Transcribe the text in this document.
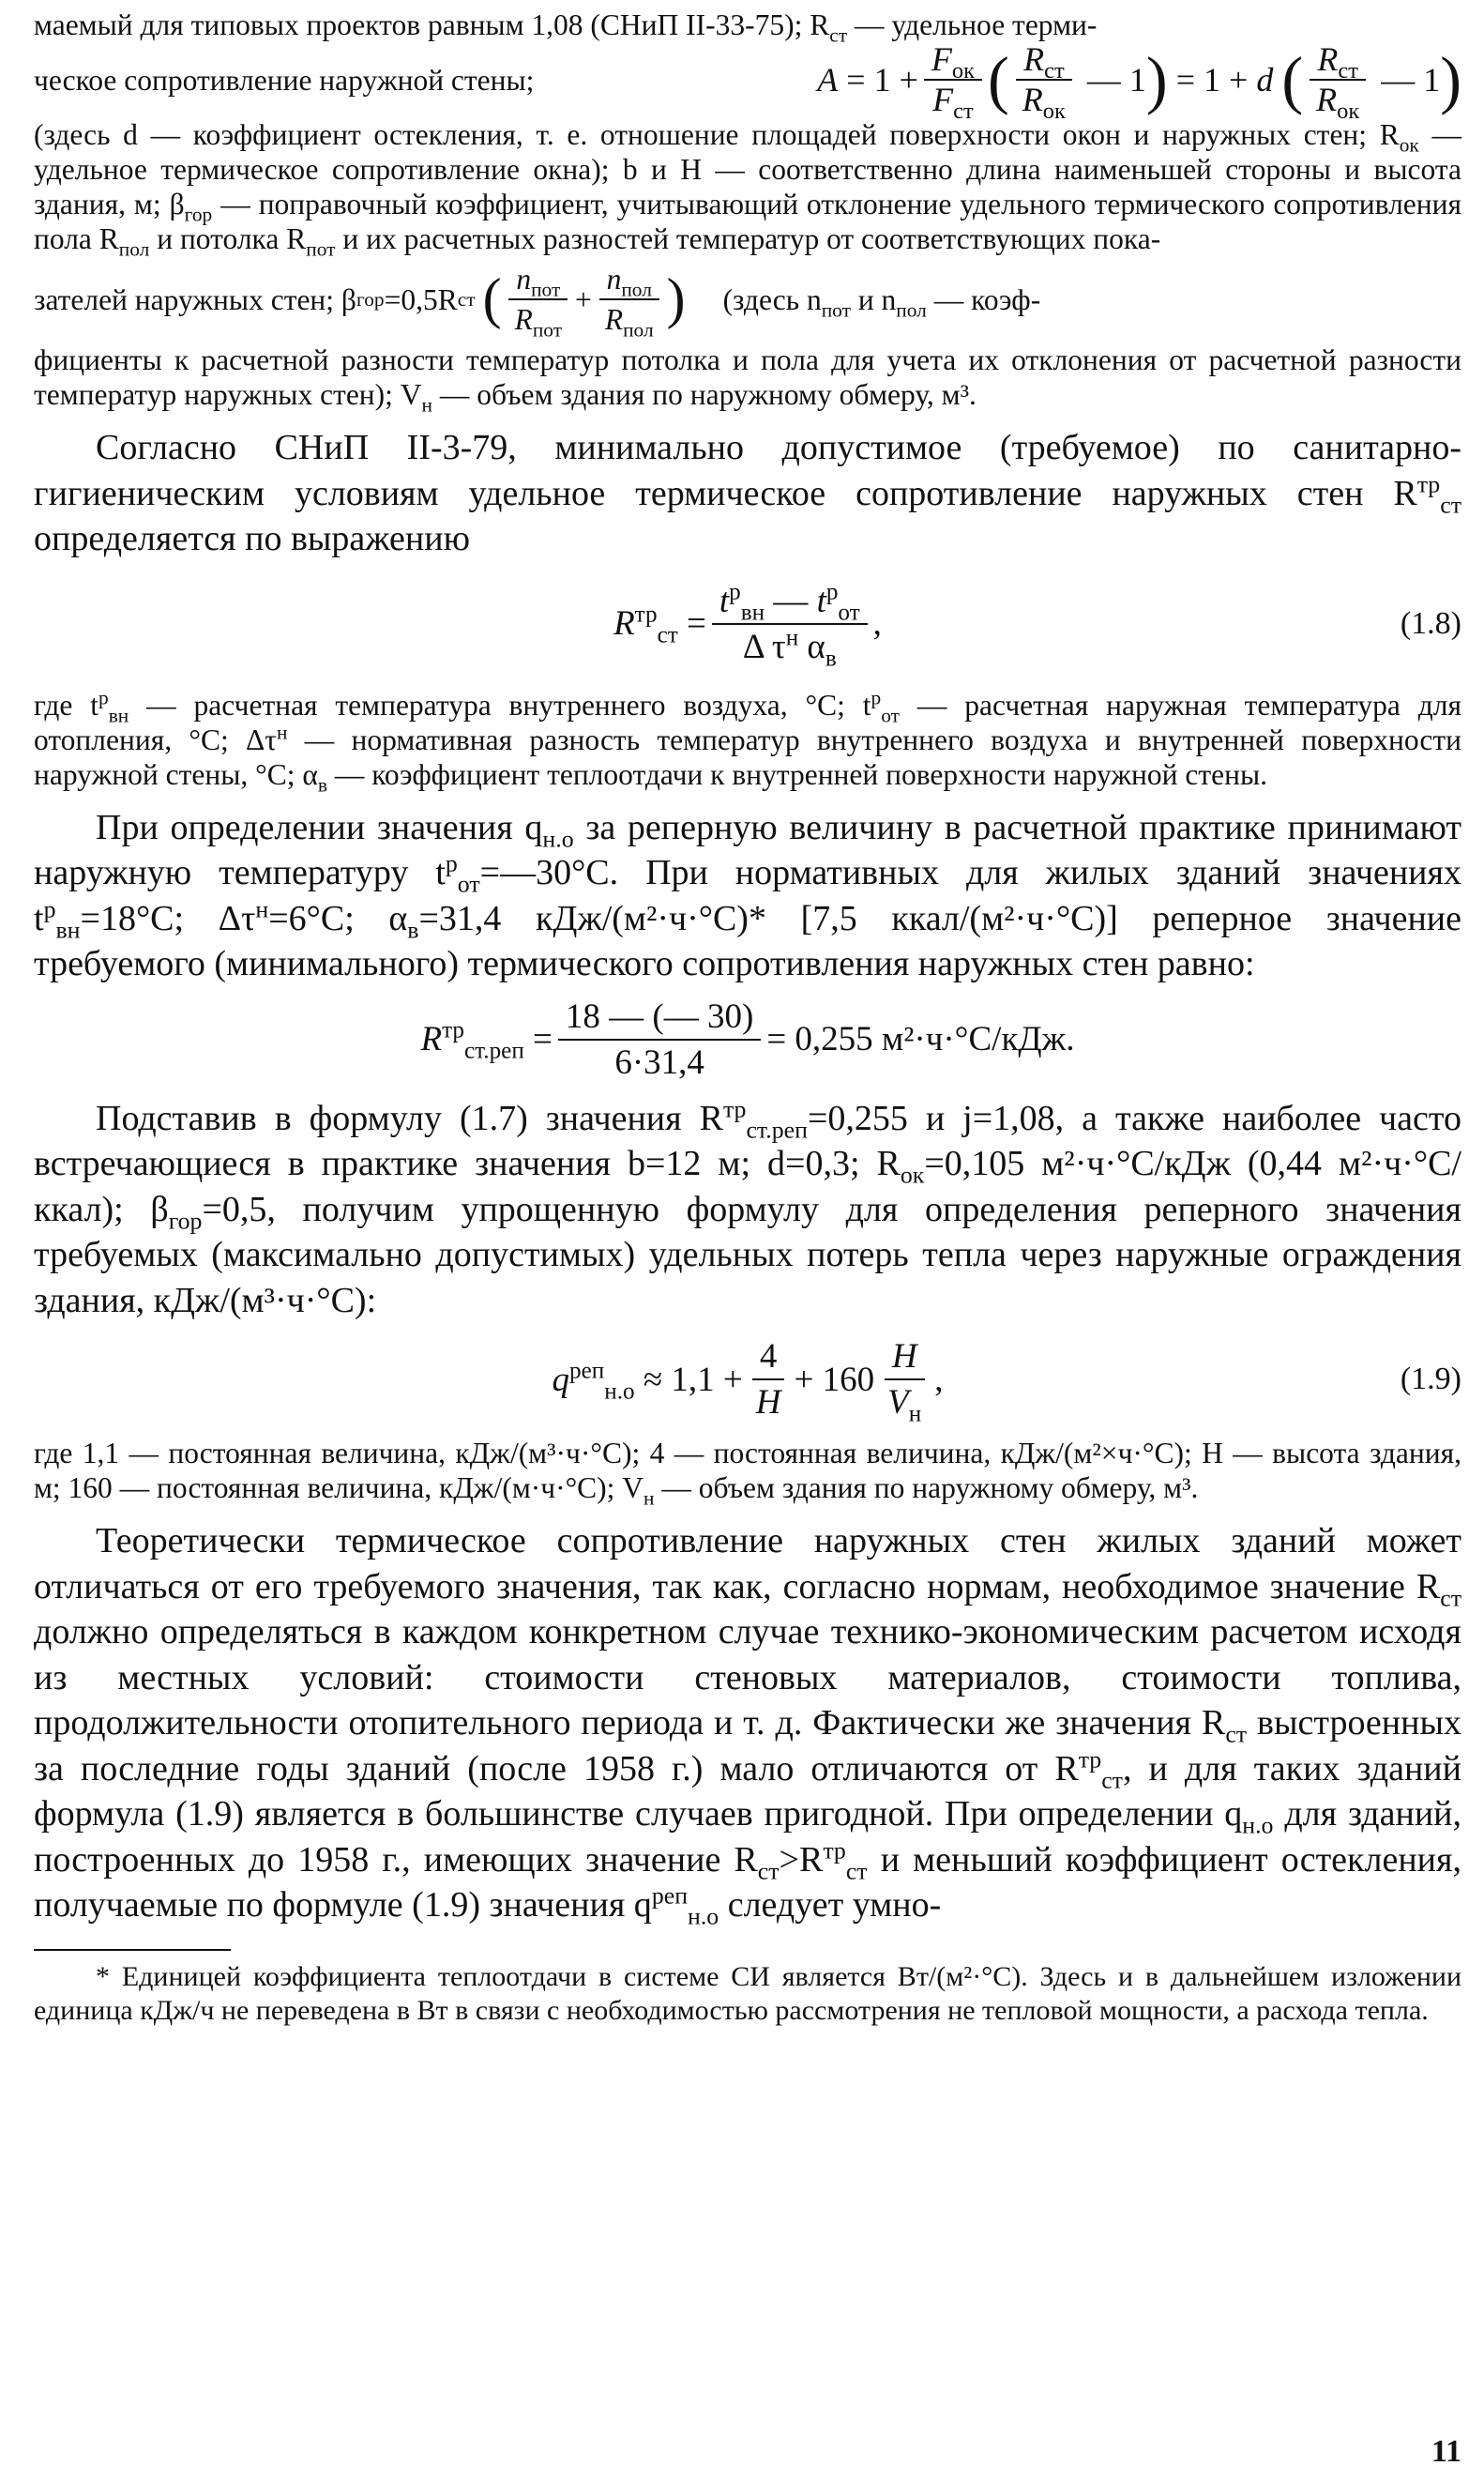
маемый для типовых проектов равным 1,08 (СНиП II-33-75); $R_{ст}$ — удельное терми-

ческое сопротивление наружной стены;	$A = 1 + \frac{F_{ок}}{F_{ст}}$ ( $\frac{R_{ст}}{R_{ок}}$ — 1 ) = 1 + d ( $\frac{R_{ст}}{R_{ок}}$ — 1 )

(здесь d — коэффициент остекления, т. е. отношение площадей поверхности окон и наружных стен; $R_{ок}$ — удельное термическое сопротивление окна); b и H — соответственно длина наименьшей стороны и высота здания, м; $\beta_{гор}$ — поправочный коэффициент, учитывающий отклонение удельного термического сопротивления пола $R_{пол}$ и потолка $R_{пот}$ и их расчетных разностей температур от соответствующих пока-

зателей наружных стен; β гор =0,5R ст ( $\frac{n_{пот}}{R_{пот}} + \frac{n_{пол}}{R_{пол}}$ ) (здесь $n_{пот}$ и $n_{пол}$ — коэф-

фициенты к расчетной разности температур потолка и пола для учета их отклонения от расчетной разности температур наружных стен); $V_н$ — объем здания по наружному обмеру, м³.

Согласно СНиП II-3-79, минимально допустимое (требуемое) по санитарно-гигиеническим условиям удельное термическое сопротивление наружных стен $R^{тр}_{ст}$ определяется по выражению

$R^{тр}_{ст} = \frac{t^р_{вн} — t^р_{от}}{\Delta \tau^н \alpha_в}$ ,	(1.8)

где $t^р_{вн}$ — расчетная температура внутреннего воздуха, °С; $t^р_{от}$ — расчетная наружная температура для отопления, °С; $\Delta\tau^н$ — нормативная разность температур внутреннего воздуха и внутренней поверхности наружной стены, °С; $\alpha_в$ — коэффициент теплоотдачи к внутренней поверхности наружной стены.

При определении значения $q_{н.о}$ за реперную величину в расчетной практике принимают наружную температуру $t^р_{от}=—30^\circ С$. При нормативных для жилых зданий значениях $t^р_{вн}=18^\circ С$; $\Delta\tau^н=6^\circ С$; $\alpha_в=31,4$ кДж/(м²·ч·°С)* [7,5 ккал/(м²·ч·°С)] реперное значение требуемого (минимального) термического сопротивления наружных стен равно:

$R^{тр}_{ст.реп} = \frac{18 — (— 30)}{6\cdot 31,4} = 0,255$ м²·ч·°С/кДж.

Подставив в формулу (1.7) значения $R^{тр}_{ст.реп}=0,255$ и j=1,08, а также наиболее часто встречающиеся в практике значения b=12 м; d=0,3; $R_{ок}=0,105$ м²·ч·°С/кДж (0,44 м²·ч·°С/ккал); $\beta_{гор}=0,5$, получим упрощенную формулу для определения реперного значения требуемых (максимально допустимых) удельных потерь тепла через наружные ограждения здания, кДж/(м³·ч·°С):

$q^{реп}_{н.о} \approx 1,1 + \frac{4}{H} + 160 \frac{H}{V_н}$ ,	(1.9)

где 1,1 — постоянная величина, кДж/(м³·ч·°С); 4 — постоянная величина, кДж/(м²×ч·°С); H — высота здания, м; 160 — постоянная величина, кДж/(м·ч·°С); $V_н$ — объем здания по наружному обмеру, м³.

Теоретически термическое сопротивление наружных стен жилых зданий может отличаться от его требуемого значения, так как, согласно нормам, необходимое значение $R_{ст}$ должно определяться в каждом конкретном случае технико-экономическим расчетом исходя из местных условий: стоимости стеновых материалов, стоимости топлива, продолжительности отопительного периода и т. д. Фактически же значения $R_{ст}$ выстроенных за последние годы зданий (после 1958 г.) мало отличаются от $R^{тр}_{ст}$, и для таких зданий формула (1.9) является в большинстве случаев пригодной. При определении $q_{н.о}$ для зданий, построенных до 1958 г., имеющих значение $R_{ст}>R^{тр}_{ст}$ и меньший коэффициент остекления, получаемые по формуле (1.9) значения $q^{реп}_{н.о}$ следует умно-

* Единицей коэффициента теплоотдачи в системе СИ является Вт/(м²·°С). Здесь и в дальнейшем изложении единица кДж/ч не переведена в Вт в связи с необходимостью рассмотрения не тепловой мощности, а расхода тепла.

11
